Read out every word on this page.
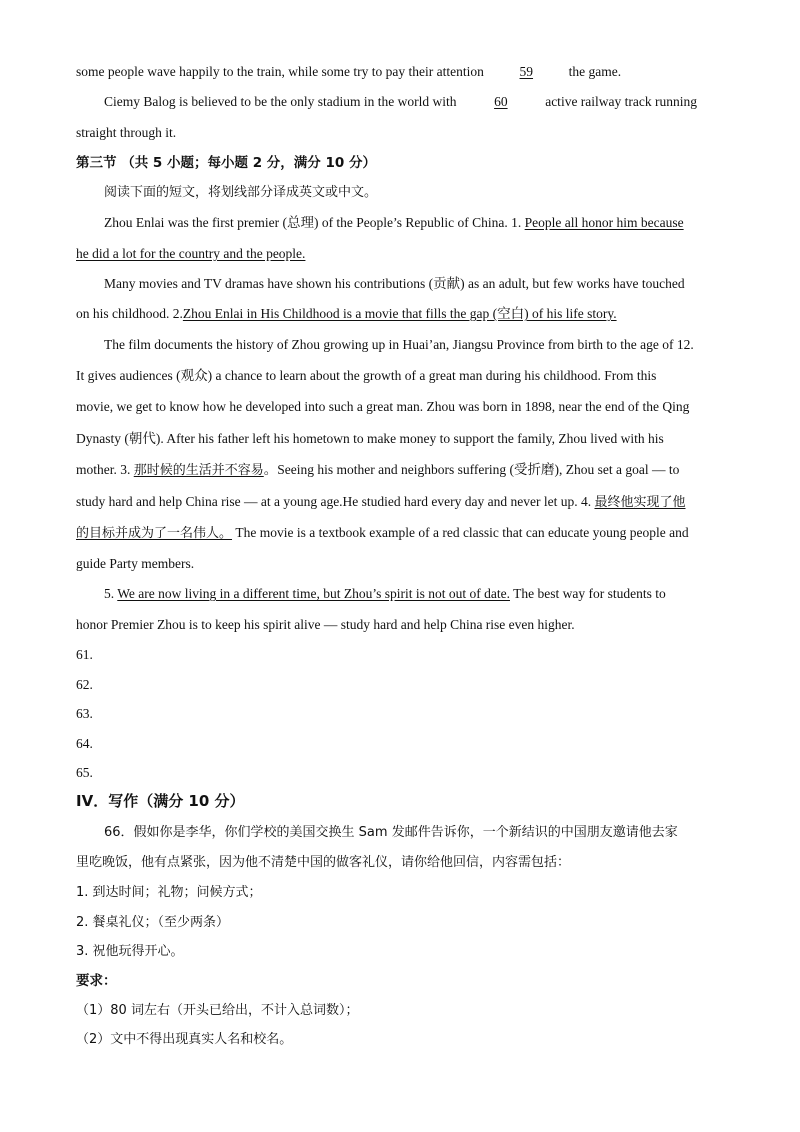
some people wave happily to the train, while some try to pay their attention	59	the game.
Ciemy Balog is believed to be the only stadium in the world with	60	active railway track running
straight through it.
第三节 （共 5 小题；每小题 2 分，满分 10 分）
阅读下面的短文，将划线部分译成英文或中文。
Zhou Enlai was the first premier (总理) of the People’s Republic of China. 1. People all honor him because
he did a lot for the country and the people.
Many movies and TV dramas have shown his contributions (贡献) as an adult, but few works have touched
on his childhood. 2.Zhou Enlai in His Childhood is a movie that fills the gap (空白) of his life story.
The film documents the history of Zhou growing up in Huai’an, Jiangsu Province from birth to the age of 12.
It gives audiences (观众) a chance to learn about the growth of a great man during his childhood. From this
movie, we get to know how he developed into such a great man. Zhou was born in 1898, near the end of the Qing
Dynasty (朝代). After his father left his hometown to make money to support the family, Zhou lived with his
mother. 3. 那时候的生活并不容易。Seeing his mother and neighbors suffering (受折磨), Zhou set a goal — to
study hard and help China rise — at a young age.He studied hard every day and never let up. 4. 最终他实现了他
的目标并成为了一名伟人。 The movie is a textbook example of a red classic that can educate young people and
guide Party members.
5. We are now living in a different time, but Zhou’s spirit is not out of date. The best way for students to
honor Premier Zhou is to keep his spirit alive — study hard and help China rise even higher.
61.
62.
63.
64.
65.
IV．写作（满分 10 分）
66．假如你是李华，你们学校的美国交换生 Sam 发邮件告诉你，一个新结识的中国朋友邀请他去家
里吃晚饭，他有点紧张，因为他不清楚中国的做客礼仪，请你给他回信，内容需包括：
1. 到达时间；礼物；问候方式；
2. 餐桌礼仪；（至少两条）
3. 祝他玩得开心。
要求：
（1）80 词左右（开头已给出，不计入总词数）；
（2）文中不得出现真实人名和校名。
